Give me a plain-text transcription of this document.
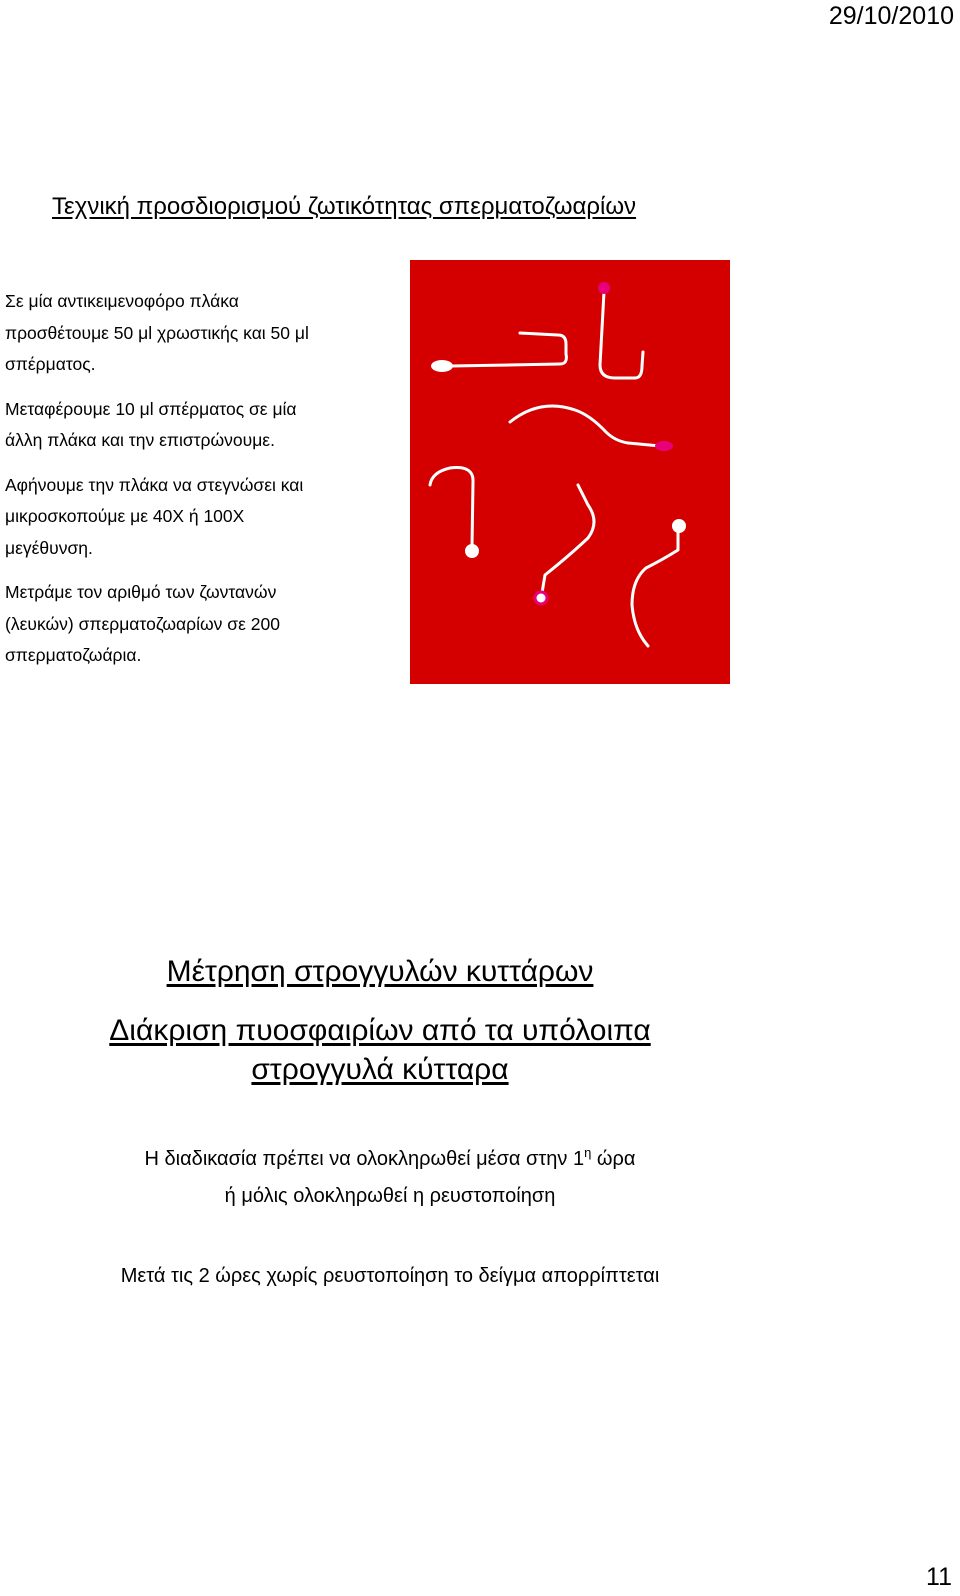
29/10/2010
Τεχνική προσδιορισμού ζωτικότητας σπερματοζωαρίων

Σε μία αντικειμενοφόρο πλάκα
προσθέτουμε 50 μl χρωστικής και 50 μl
σπέρματος.

Μεταφέρουμε 10 μl σπέρματος σε μία
άλλη πλάκα και την επιστρώνουμε.

Αφήνουμε την πλάκα να στεγνώσει και
μικροσκοπούμε με 40Χ ή 100Χ
μεγέθυνση.

Μετράμε τον αριθμό των ζωντανών
(λευκών) σπερματοζωαρίων σε 200
σπερματοζωάρια.

Μέτρηση στρογγυλών κυττάρων
Διάκριση πυοσφαιρίων από τα υπόλοιπα
στρογγυλά κύτταρα
Η διαδικασία πρέπει να ολοκληρωθεί μέσα στην $1^\eta$ ώρα
ή μόλις ολοκληρωθεί η ρευστοποίηση
Μετά τις 2 ώρες χωρίς ρευστοποίηση το δείγμα απορρίπτεται
11
